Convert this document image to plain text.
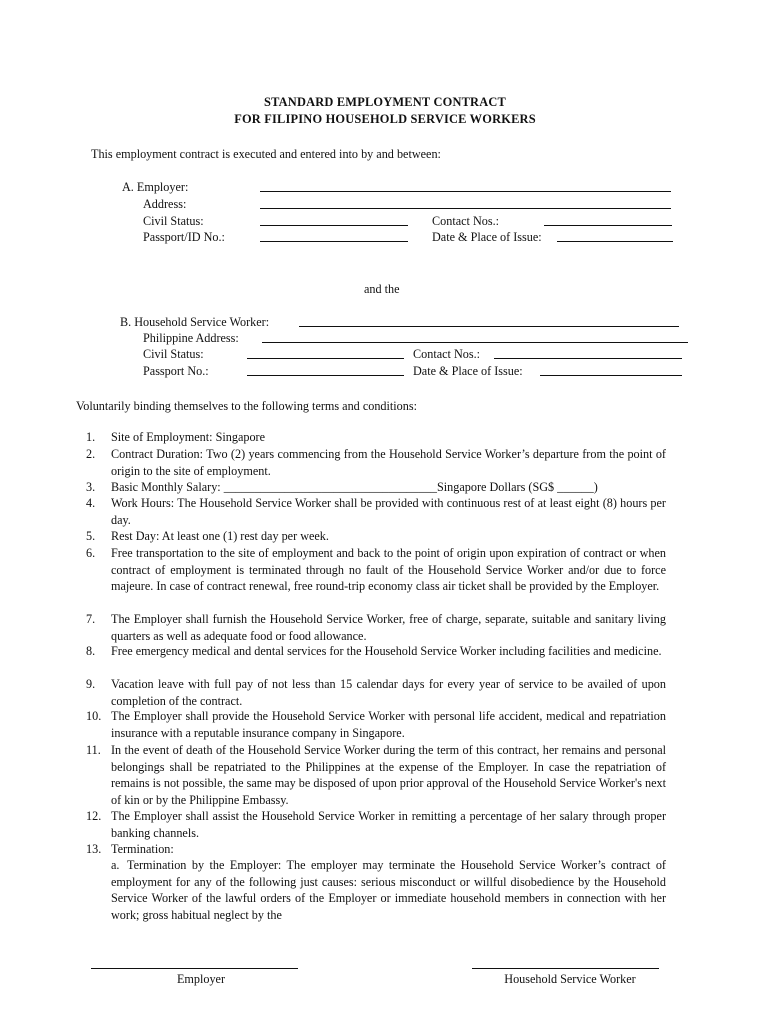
STANDARD EMPLOYMENT CONTRACT
FOR FILIPINO HOUSEHOLD SERVICE WORKERS
This employment contract is executed and entered into by and between:
A. Employer:
Address:
Civil Status:	Contact Nos.:
Passport/ID No.:	Date & Place of Issue:
and the
B. Household Service Worker:
Philippine Address:
Civil Status:	Contact Nos.:
Passport No.:	Date & Place of Issue:
Voluntarily binding themselves to the following terms and conditions:
1.	Site of Employment: Singapore
2.	Contract Duration: Two (2) years commencing from the Household Service Worker’s departure from the point of origin to the site of employment.
3.	Basic Monthly Salary: ___________________________________Singapore Dollars (SG$ ______)
4.	Work Hours: The Household Service Worker shall be provided with continuous rest of at least eight (8) hours per day.
5.	Rest Day: At least one (1) rest day per week.
6.	Free transportation to the site of employment and back to the point of origin upon expiration of contract or when contract of employment is terminated through no fault of the Household Service Worker and/or due to force majeure. In case of contract renewal, free round-trip economy class air ticket shall be provided by the Employer.
7.	The Employer shall furnish the Household Service Worker, free of charge, separate, suitable and sanitary living quarters as well as adequate food or food allowance.
8.	Free emergency medical and dental services for the Household Service Worker including facilities and medicine.
9.	Vacation leave with full pay of not less than 15 calendar days for every year of service to be availed of upon completion of the contract.
10. The Employer shall provide the Household Service Worker with personal life accident, medical and repatriation insurance with a reputable insurance company in Singapore.
11. In the event of death of the Household Service Worker during the term of this contract, her remains and personal belongings shall be repatriated to the Philippines at the expense of the Employer. In case the repatriation of remains is not possible, the same may be disposed of upon prior approval of the Household Service Worker's next of kin or by the Philippine Embassy.
12. The Employer shall assist the Household Service Worker in remitting a percentage of her salary through proper banking channels.
13. Termination:
a. Termination by the Employer: The employer may terminate the Household Service Worker’s contract of employment for any of the following just causes: serious misconduct or willful disobedience by the Household Service Worker of the lawful orders of the Employer or immediate household members in connection with her work; gross habitual neglect by the
Employer	Household Service Worker
